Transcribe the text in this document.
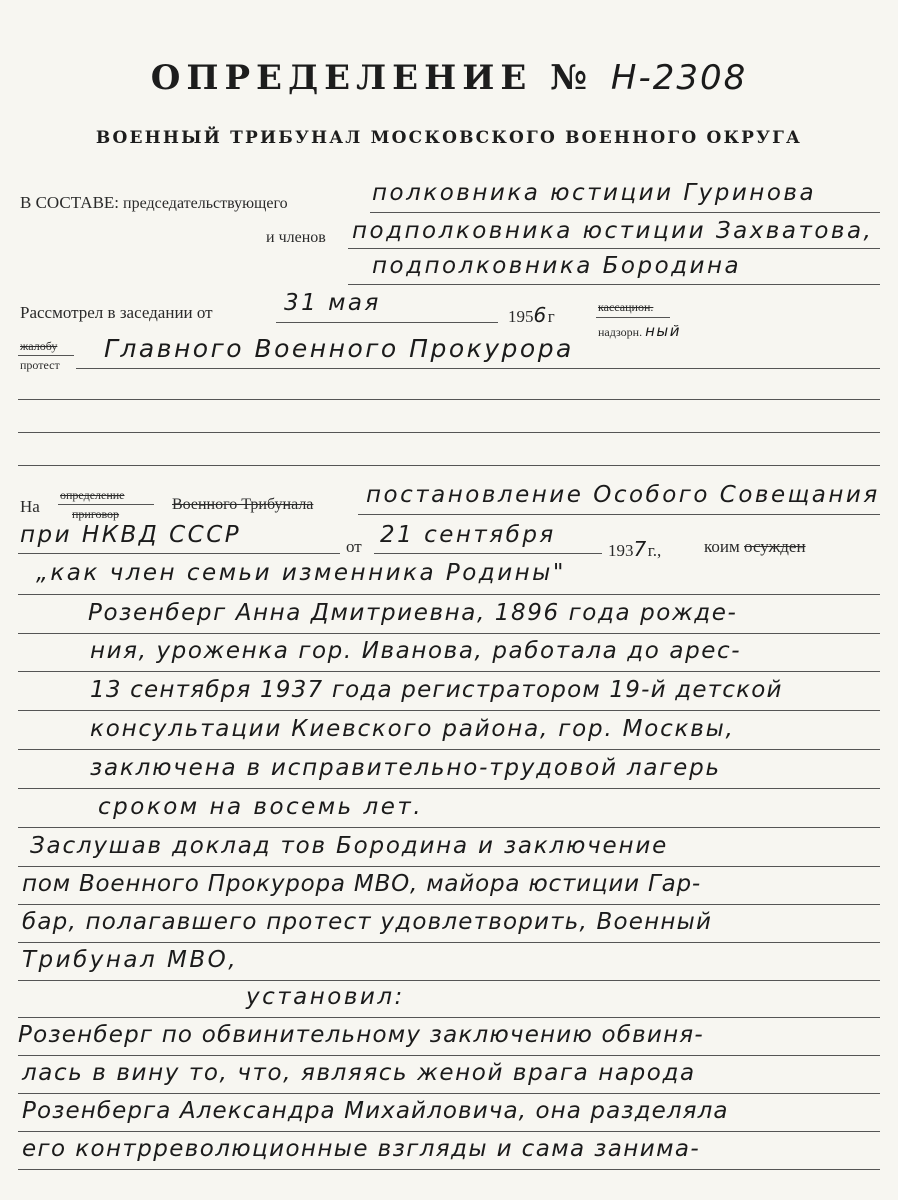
ОПРЕДЕЛЕНИЕ № Н-2308
ВОЕННЫЙ ТРИБУНАЛ МОСКОВСКОГО ВОЕННОГО ОКРУГА
В СОСТАВЕ: председательствующего	полковника юстиции Гуринова
и членов подполковника юстиции Захватова,
подполковника Бородина
Рассмотрел в заседании от	31 мая
1956г	кассацион.
надзорн. ный
жалобу
протест
Главного Военного Прокурора
На
определение
приговор
Военного Трибунала постановление Особого Совещания
при НКВД СССР	от 21 сентября
1937г.,	коим осужден
„как член семьи изменника Родины"
Розенберг Анна Дмитриевна, 1896 года рожде-
ния, уроженка гор. Иванова, работала до арес-
13 сентября 1937 года регистратором 19-й детской
консультации Киевского района, гор. Москвы,
заключена в исправительно-трудовой лагерь
сроком на восемь лет.
Заслушав доклад тов Бородина и заключение
пом Военного Прокурора МВО, майора юстиции Гар-
бар, полагавшего протест удовлетворить, Военный
Трибунал МВО,
установил:
Розенберг по обвинительному заключению обвиня-
лась в вину то, что, являясь женой врага народа
Розенберга Александра Михайловича, она разделяла
его контрреволюционные взгляды и сама занима-
